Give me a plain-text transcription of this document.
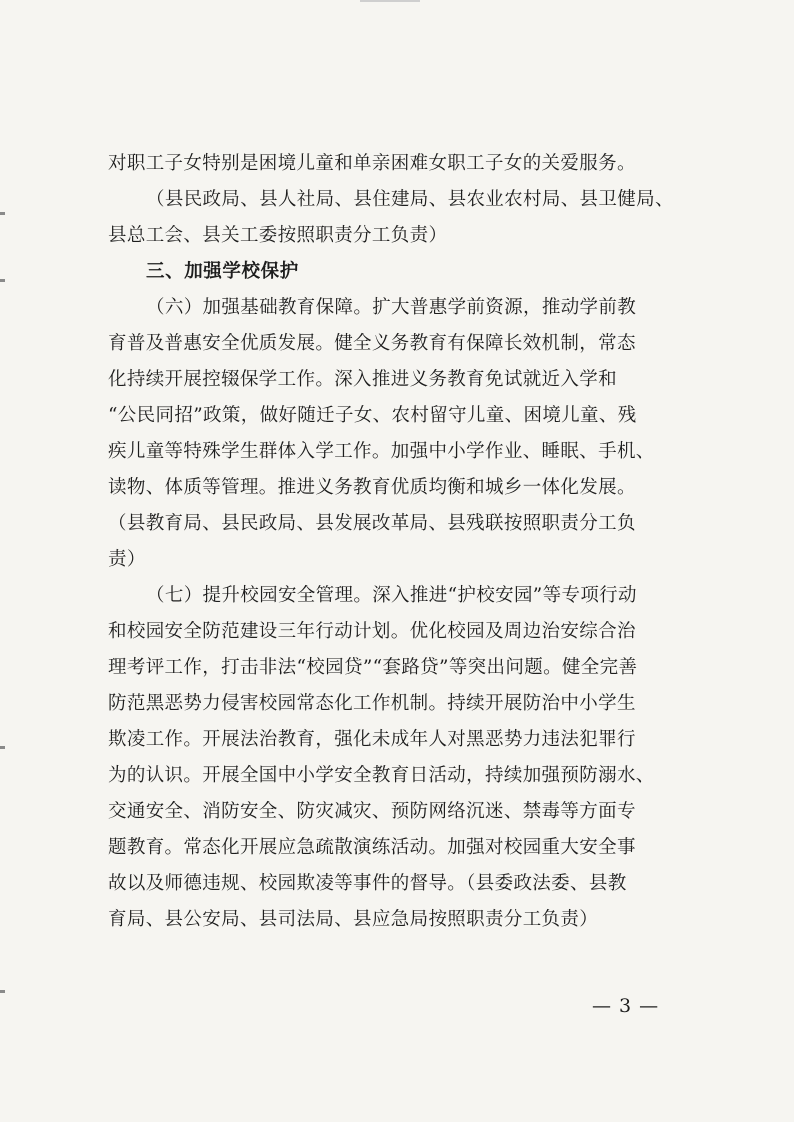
对职工子女特别是困境儿童和单亲困难女职工子女的关爱服务。
（县民政局、县人社局、县住建局、县农业农村局、县卫健局、
县总工会、县关工委按照职责分工负责）
三、加强学校保护
（六）加强基础教育保障。扩大普惠学前资源，推动学前教
育普及普惠安全优质发展。健全义务教育有保障长效机制，常态
化持续开展控辍保学工作。深入推进义务教育免试就近入学和
“公民同招”政策，做好随迁子女、农村留守儿童、困境儿童、残
疾儿童等特殊学生群体入学工作。加强中小学作业、睡眠、手机、
读物、体质等管理。推进义务教育优质均衡和城乡一体化发展。
（县教育局、县民政局、县发展改革局、县残联按照职责分工负
责）
（七）提升校园安全管理。深入推进“护校安园”等专项行动
和校园安全防范建设三年行动计划。优化校园及周边治安综合治
理考评工作，打击非法“校园贷”“套路贷”等突出问题。健全完善
防范黑恶势力侵害校园常态化工作机制。持续开展防治中小学生
欺凌工作。开展法治教育，强化未成年人对黑恶势力违法犯罪行
为的认识。开展全国中小学安全教育日活动，持续加强预防溺水、
交通安全、消防安全、防灾减灾、预防网络沉迷、禁毒等方面专
题教育。常态化开展应急疏散演练活动。加强对校园重大安全事
故以及师德违规、校园欺凌等事件的督导。（县委政法委、县教
育局、县公安局、县司法局、县应急局按照职责分工负责）
— 3 —
